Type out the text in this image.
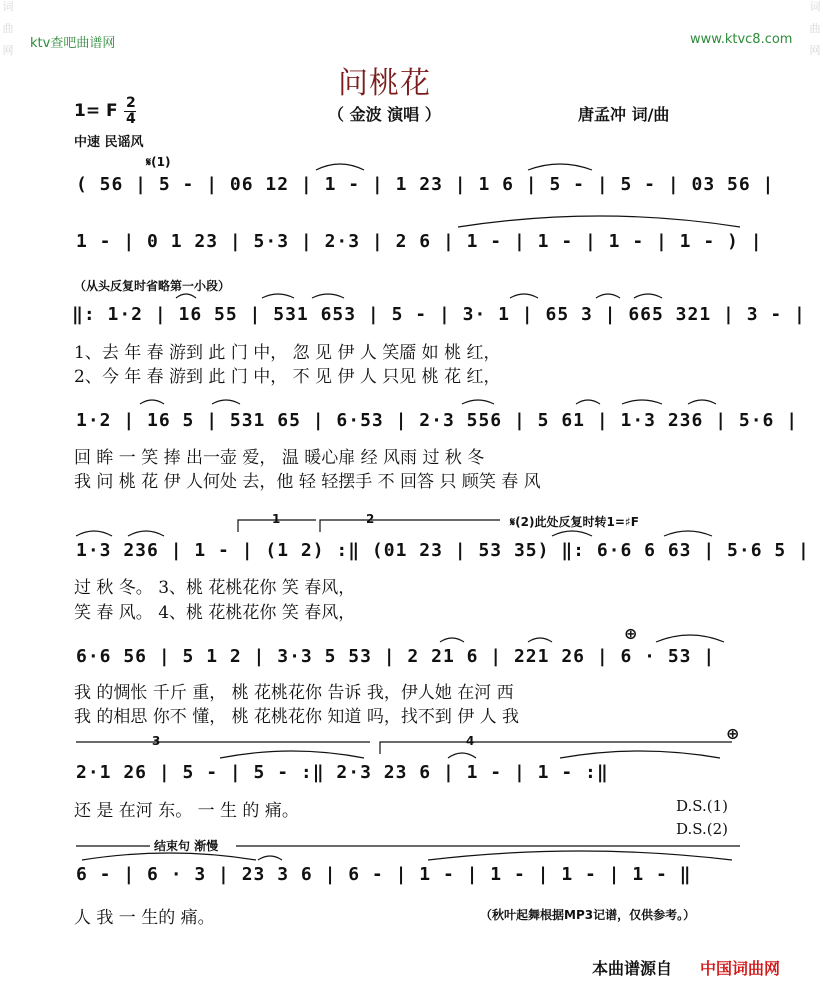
词
曲
网
词
曲
网
ktv查吧曲谱网	www.ktvc8.com
问桃花
1= F 2
4	（ 金波 演唱 ）	唐孟冲 词/曲
中速 民谣风
𝄋(1)
( 56 | 5 - | 06 12 | 1 - | 1 23 | 1 6 | 5 - | 5 - | 03 56 |
1 - | 0 1 23 | 5·3 | 2·3 | 2 6 | 1 - | 1 - | 1 - | 1 - ) |
（从头反复时省略第一小段）
‖: 1·2 | 16 55 | 531 653 | 5 - | 3· 1 | 65 3 | 665 321 | 3 - |
1、去 年 春 游到 此 门 中， 忽 见 伊 人 笑靥 如 桃 红，
2、今 年 春 游到 此 门 中， 不 见 伊 人 只见 桃 花 红，
1·2 | 16 5 | 531 65 | 6·53 | 2·3 556 | 5 61 | 1·3 236 | 5·6 |
回 眸 一 笑 捧 出一壶 爱， 温 暖心扉 经 风雨 过 秋 冬
我 问 桃 花 伊 人何处 去，他 轻 轻摆手 不 回答 只 顾笑 春 风
1	2	𝄋(2)此处反复时转1=♯F
1·3 236 | 1 - | (1 2) :‖ (01 23 | 53 35) ‖: 6·6 6 63 | 5·6 5 |
过 秋 冬。 3、桃 花桃花你 笑 春风，
笑 春 风。 4、桃 花桃花你 笑 春风，
⊕
6·6 56 | 5 1 2 | 3·3 5 53 | 2 21 6 | 221 26 | 6 · 53 |
我 的惆怅 千斤 重， 桃 花桃花你 告诉 我，伊人她 在河 西
我 的相思 你不 懂， 桃 花桃花你 知道 吗，找不到 伊 人 我
3	4	⊕
2·1 26 | 5 - | 5 - :‖ 2·3 23 6 | 1 - | 1 - :‖
还 是 在河 东。 一 生 的 痛。	D.S.(1)
D.S.(2)
结束句 渐慢
6 - | 6 · 3 | 23 3 6 | 6 - | 1 - | 1 - | 1 - | 1 - ‖
人 我 一 生的 痛。	（秋叶起舞根据MP3记谱，仅供参考。）
本曲谱源自 中国词曲网
